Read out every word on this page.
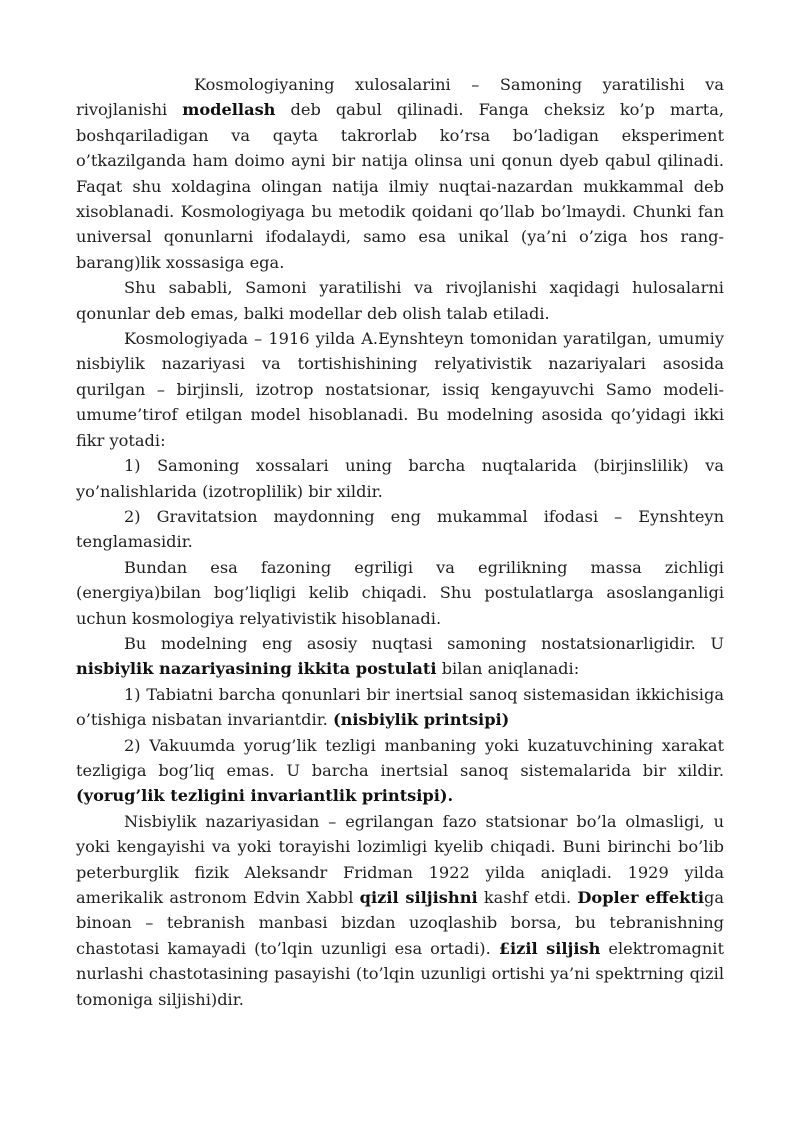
Kosmologiyaning xulosalarini – Samoning yaratilishi va rivojlanishi modellash deb qabul qilinadi. Fanga cheksiz ko’p marta, boshqariladigan va qayta takrorlab ko’rsa bo’ladigan eksperiment o’tkazilganda ham doimo ayni bir natija olinsa uni qonun dyeb qabul qilinadi. Faqat shu xoldagina olingan natija ilmiy nuqtai-nazardan mukkammal deb xisoblanadi. Kosmologiyaga bu metodik qoidani qo’llab bo’lmaydi. Chunki fan universal qonunlarni ifodalaydi, samo esa unikal (ya’ni o’ziga hos rang-barang)lik xossasiga ega.

Shu sababli, Samoni yaratilishi va rivojlanishi xaqidagi hulosalarni qonunlar deb emas, balki modellar deb olish talab etiladi.

Kosmologiyada – 1916 yilda A.Eynshteyn tomonidan yaratilgan, umumiy nisbiylik nazariyasi va tortishishining relyativistik nazariyalari asosida qurilgan – birjinsli, izotrop nostatsionar, issiq kengayuvchi Samo modeli-umume’tirof etilgan model hisoblanadi. Bu modelning asosida qo’yidagi ikki fikr yotadi:

1) Samoning xossalari uning barcha nuqtalarida (birjinslilik) va yo’nalishlarida (izotroplilik) bir xildir.

2) Gravitatsion maydonning eng mukammal ifodasi – Eynshteyn tenglamasidir.

Bundan esa fazoning egriligi va egrilikning massa zichligi (energiya)bilan bog’liqligi kelib chiqadi. Shu postulatlarga asoslanganligi uchun kosmologiya relyativistik hisoblanadi.

Bu modelning eng asosiy nuqtasi samoning nostatsionarligidir. U nisbiylik nazariyasining ikkita postulati bilan aniqlanadi:

1) Tabiatni barcha qonunlari bir inertsial sanoq sistemasidan ikkichisiga o’tishiga nisbatan invariantdir. (nisbiylik printsipi)

2) Vakuumda yorug’lik tezligi manbaning yoki kuzatuvchining xarakat tezligiga bog’liq emas. U barcha inertsial sanoq sistemalarida bir xildir. (yorug’lik tezligini invariantlik printsipi).

Nisbiylik nazariyasidan – egrilangan fazo statsionar bo’la olmasligi, u yoki kengayishi va yoki torayishi lozimligi kyelib chiqadi. Buni birinchi bo’lib peterburglik fizik Aleksandr Fridman 1922 yilda aniqladi. 1929 yilda amerikalik astronom Edvin Xabbl qizil siljishni kashf etdi. Dopler effektiga binoan – tebranish manbasi bizdan uzoqlashib borsa, bu tebranishning chastotasi kamayadi (to’lqin uzunligi esa ortadi). £izil siljish elektromagnit nurlashi chastotasining pasayishi (to’lqin uzunligi ortishi ya’ni spektrning qizil tomoniga siljishi)dir.
